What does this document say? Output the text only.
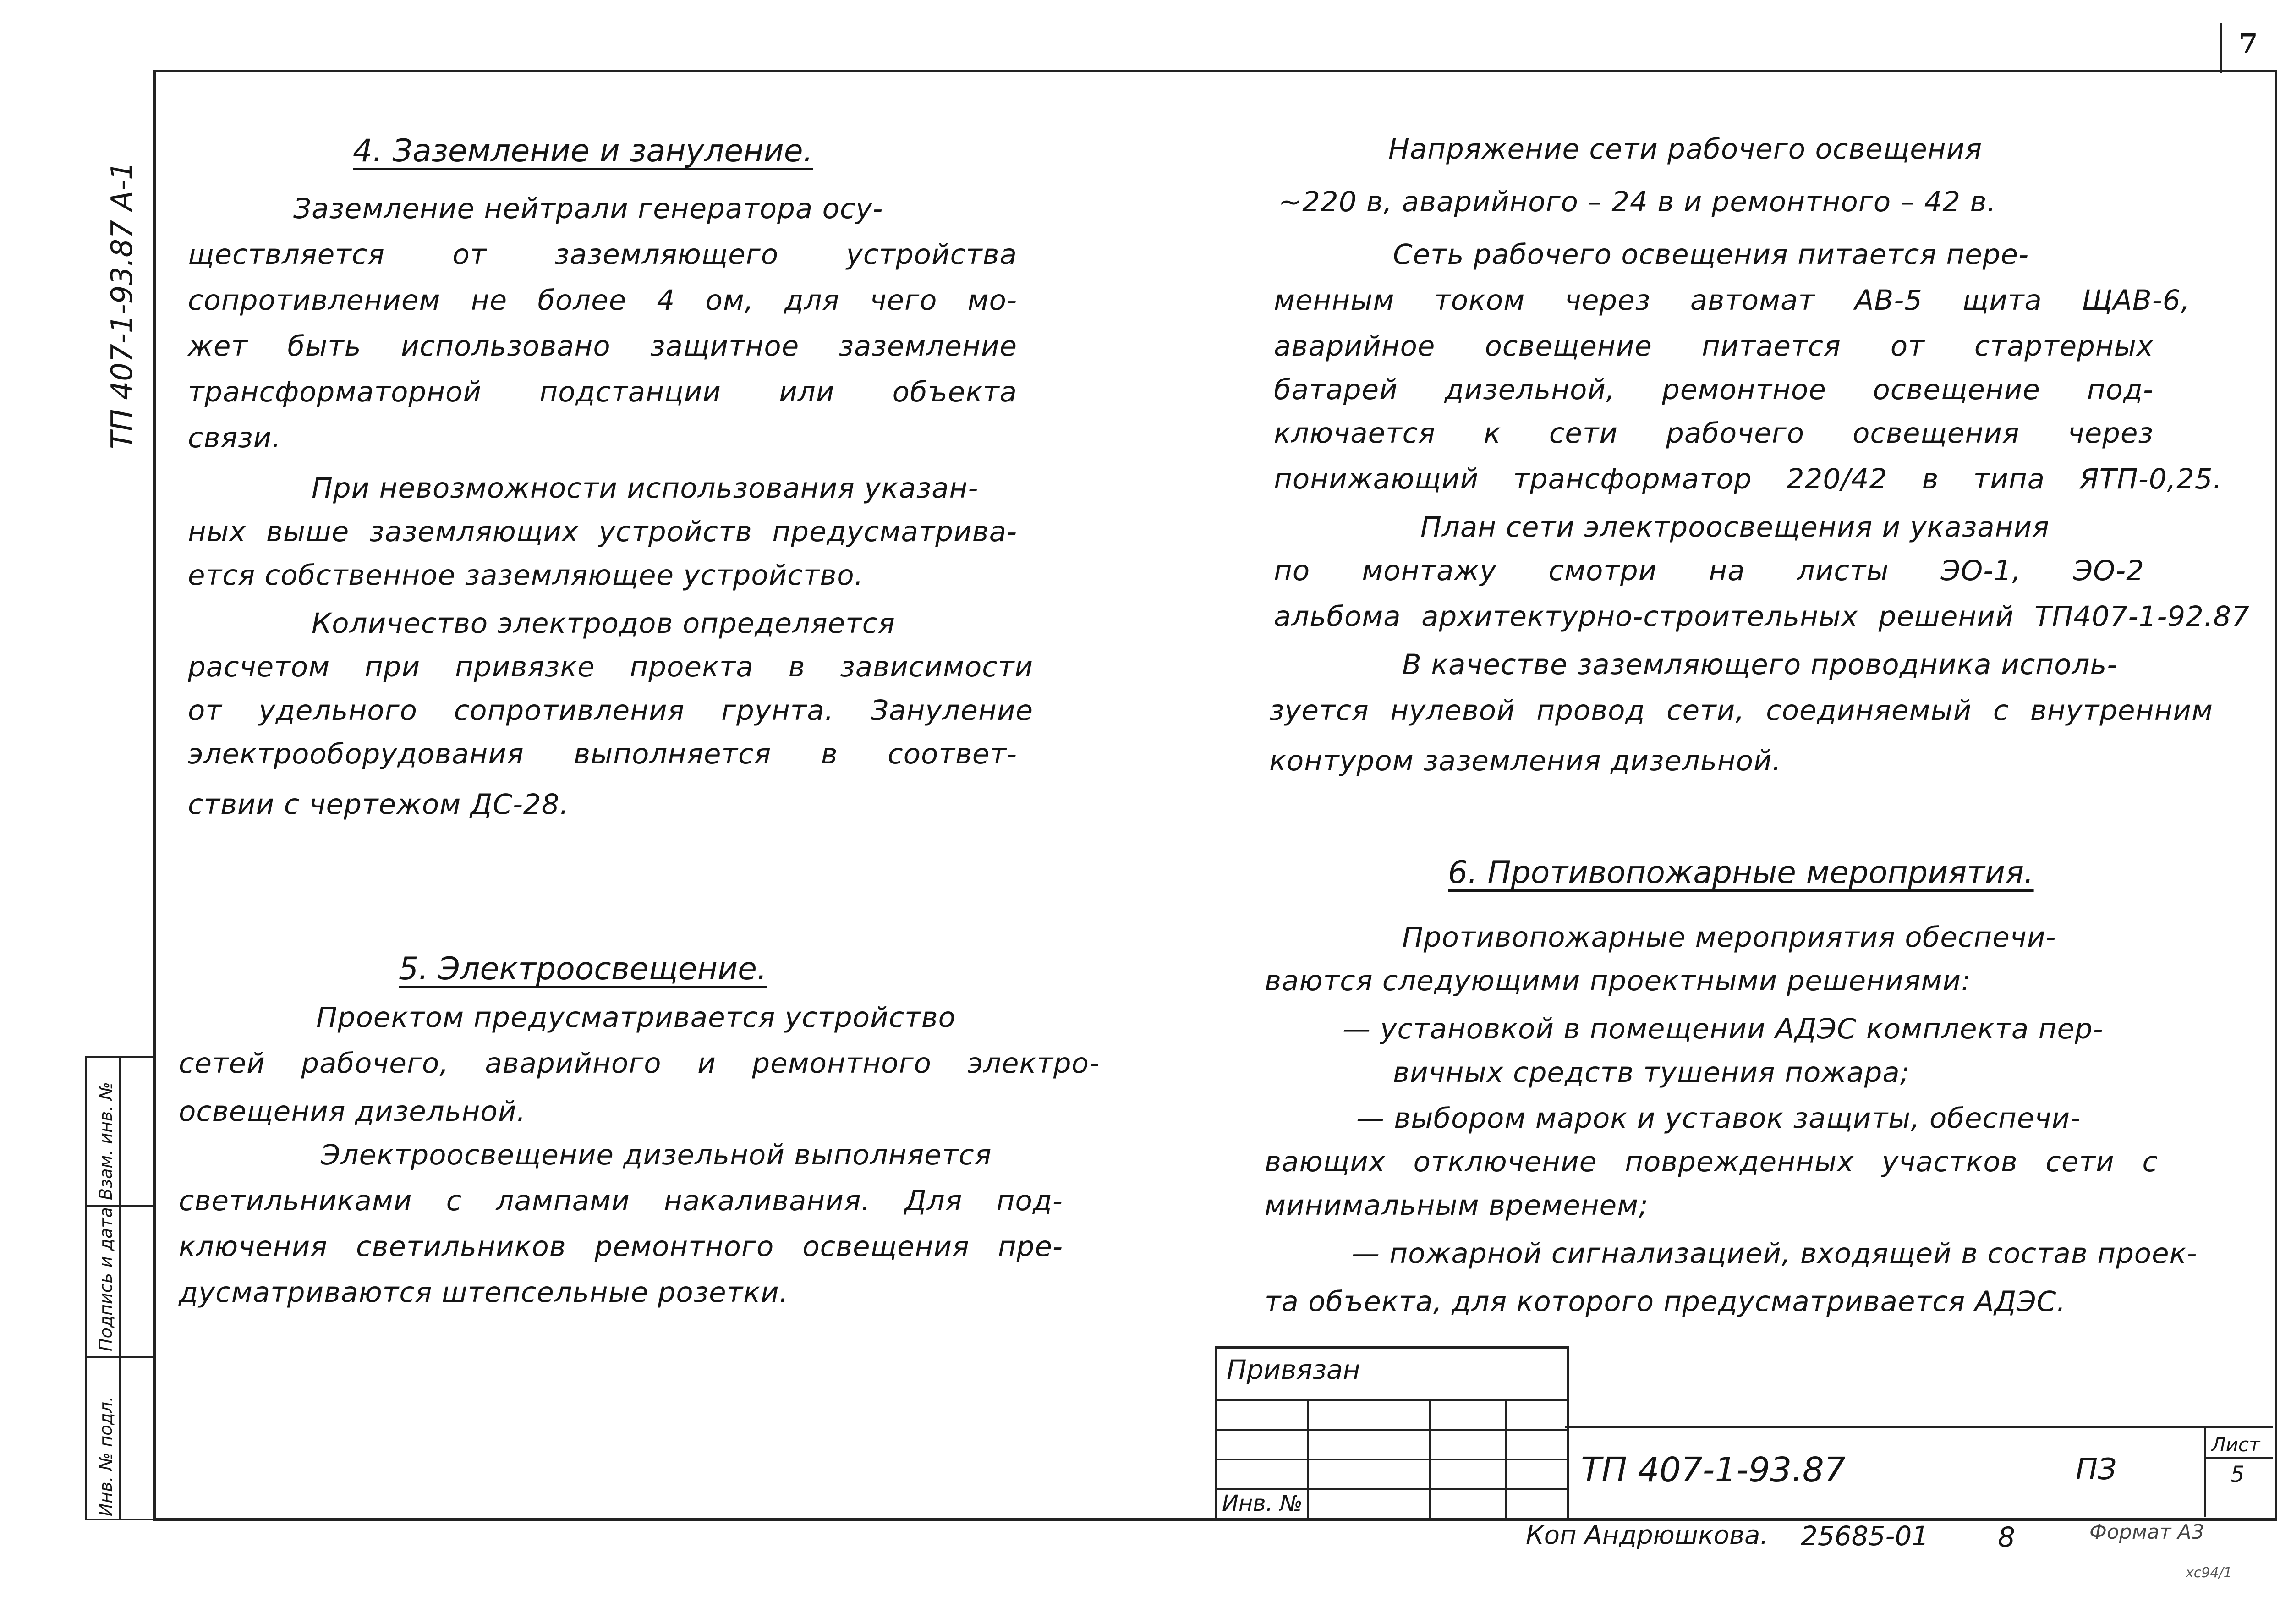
7
ТП 407-1-93.87 А-1
Инв. № подл.
Подпись и дата
Взам. инв. №
4. Заземление и зануление.
Заземление нейтрали генератора осу-
ществляется от заземляющего устройства
сопротивлением не более 4 ом, для чего мо-
жет быть использовано защитное заземление
трансформаторной подстанции или объекта
связи.
При невозможности использования указан-
ных выше заземляющих устройств предусматрива-
ется собственное заземляющее устройство.
Количество электродов определяется
расчетом при привязке проекта в зависимости
от удельного сопротивления грунта. Зануление
электрооборудования выполняется в соответ-
ствии с чертежом ДС-28.
5. Электроосвещение.
Проектом предусматривается устройство
сетей рабочего, аварийного и ремонтного электро-
освещения дизельной.
Электроосвещение дизельной выполняется
светильниками с лампами накаливания. Для под-
ключения светильников ремонтного освещения пре-
дусматриваются штепсельные розетки.
Напряжение сети рабочего освещения
~220 в, аварийного – 24 в и ремонтного – 42 в.
Сеть рабочего освещения питается пере-
менным током через автомат АВ-5 щита ЩАВ-6,
аварийное освещение питается от стартерных
батарей дизельной, ремонтное освещение под-
ключается к сети рабочего освещения через
понижающий трансформатор 220/42 в типа ЯТП-0,25.
План сети электроосвещения и указания
по монтажу смотри на листы ЭО-1, ЭО-2
альбома архитектурно-строительных решений ТП407-1-92.87
В качестве заземляющего проводника исполь-
зуется нулевой провод сети, соединяемый с внутренним
контуром заземления дизельной.
6. Противопожарные мероприятия.
Противопожарные мероприятия обеспечи-
ваются следующими проектными решениями:
— установкой в помещении АДЭС комплекта пер-
вичных средств тушения пожара;
— выбором марок и уставок защиты, обеспечи-
вающих отключение поврежденных участков сети с
минимальным временем;
— пожарной сигнализацией, входящей в состав проек-
та объекта, для которого предусматривается АДЭС.
Привязан
Инв. №
ТП 407-1-93.87	ПЗ
Лист
5
Коп Андрюшкова. 25685-01	8	Формат А3
хс94/1
